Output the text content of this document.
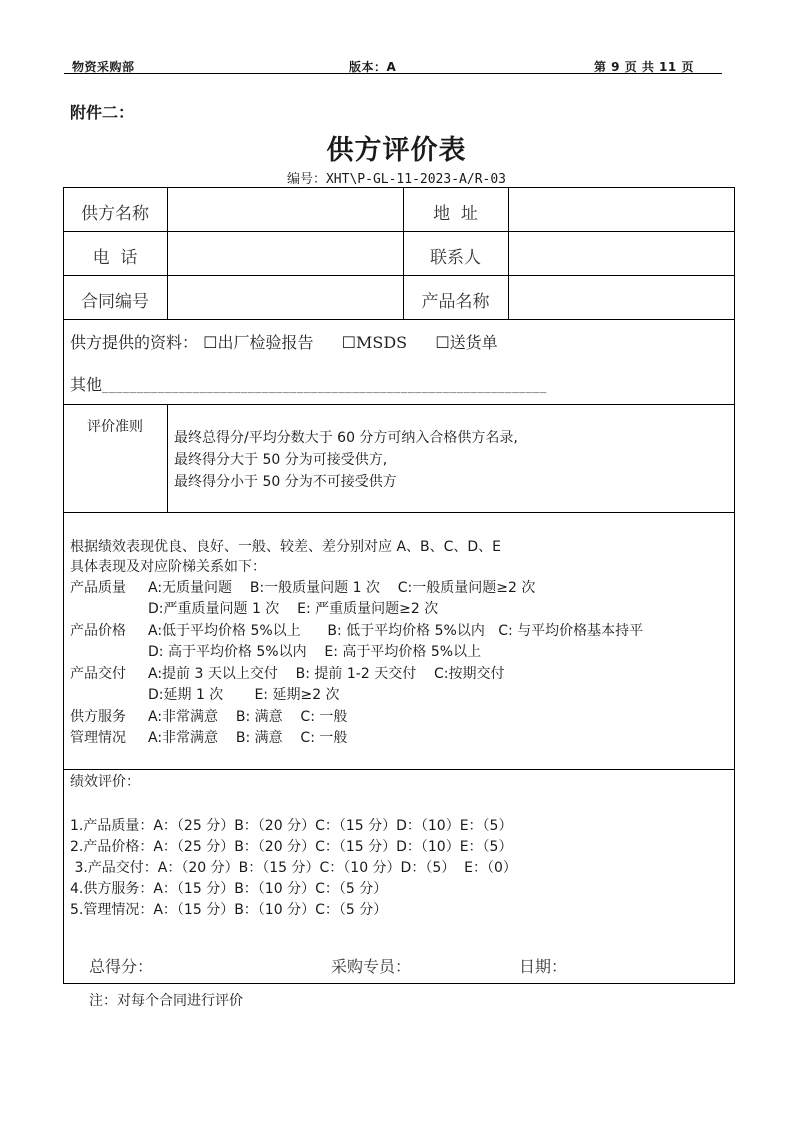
物资采购部	版本：A	第 9 页 共 11 页
附件二：
供方评价表
编号：XHT\P-GL-11-2023-A/R-03
供方名称	地  址
电  话	联系人
合同编号	产品名称
供方提供的资料： ☐出厂检验报告 ☐MSDS ☐送货单
其他________________________________________________________________
评价准则
最终总得分/平均分数大于 60 分方可纳入合格供方名录,
最终得分大于 50 分为可接受供方,
最终得分小于 50 分为不可接受供方
根据绩效表现优良、良好、一般、较差、差分别对应 A、B、C、D、E
具体表现及对应阶梯关系如下：
产品质量 A:无质量问题    B:一般质量问题 1 次    C:一般质量问题≥2 次
D:严重质量问题 1 次    E: 严重质量问题≥2 次
产品价格 A:低于平均价格 5%以上      B: 低于平均价格 5%以内   C: 与平均价格基本持平
D: 高于平均价格 5%以内    E: 高于平均价格 5%以上
产品交付 A:提前 3 天以上交付    B: 提前 1-2 天交付    C:按期交付
D:延期 1 次       E: 延期≥2 次
供方服务 A:非常满意    B: 满意    C: 一般
管理情况 A:非常满意    B: 满意    C: 一般
绩效评价：
1.产品质量：A：（25 分）B：（20 分）C：（15 分）D：（10）E：（5）
2.产品价格：A：（25 分）B：（20 分）C：（15 分）D：（10）E：（5）
3.产品交付：A：（20 分）B：（15 分）C：（10 分）D：（5）  E：（0）
4.供方服务：A：（15 分）B：（10 分）C：（5 分）
5.管理情况：A：（15 分）B：（10 分）C：（5 分）
总得分：	采购专员：	日期：
注：对每个合同进行评价
